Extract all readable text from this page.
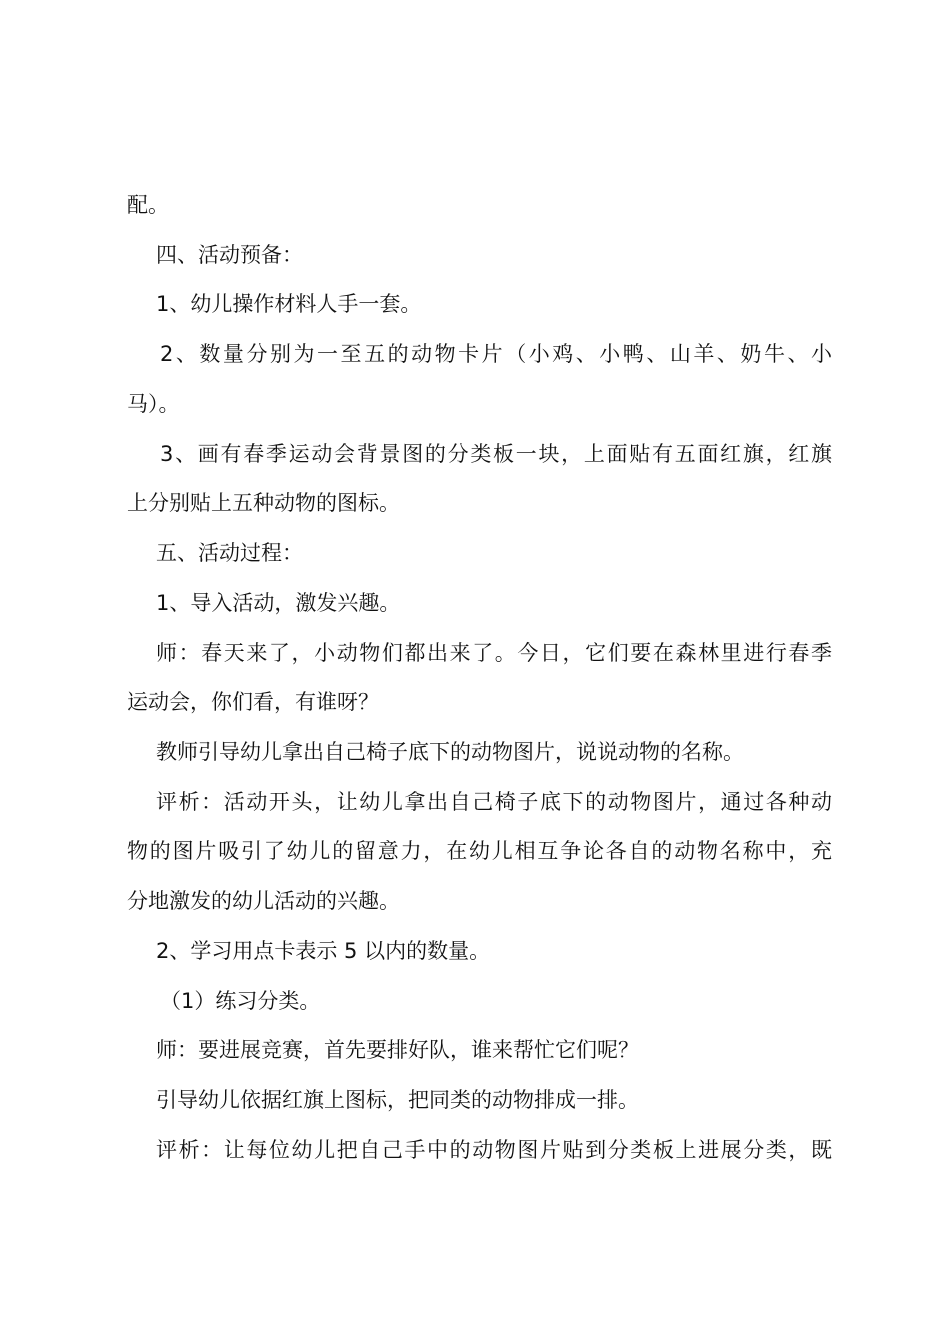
配。
四、活动预备：
1、幼儿操作材料人手一套。
2、数量分别为一至五的动物卡片（小鸡、小鸭、山羊、奶牛、小
马）。
3、画有春季运动会背景图的分类板一块，上面贴有五面红旗，红旗
上分别贴上五种动物的图标。
五、活动过程：
1、导入活动，激发兴趣。
师：春天来了，小动物们都出来了。今日，它们要在森林里进行春季
运动会，你们看，有谁呀？
教师引导幼儿拿出自己椅子底下的动物图片，说说动物的名称。
评析：活动开头，让幼儿拿出自己椅子底下的动物图片，通过各种动
物的图片吸引了幼儿的留意力，在幼儿相互争论各自的动物名称中，充
分地激发的幼儿活动的兴趣。
2、学习用点卡表示 5 以内的数量。
（1）练习分类。
师：要进展竞赛，首先要排好队，谁来帮忙它们呢？
引导幼儿依据红旗上图标，把同类的动物排成一排。
评析：让每位幼儿把自己手中的动物图片贴到分类板上进展分类，既
